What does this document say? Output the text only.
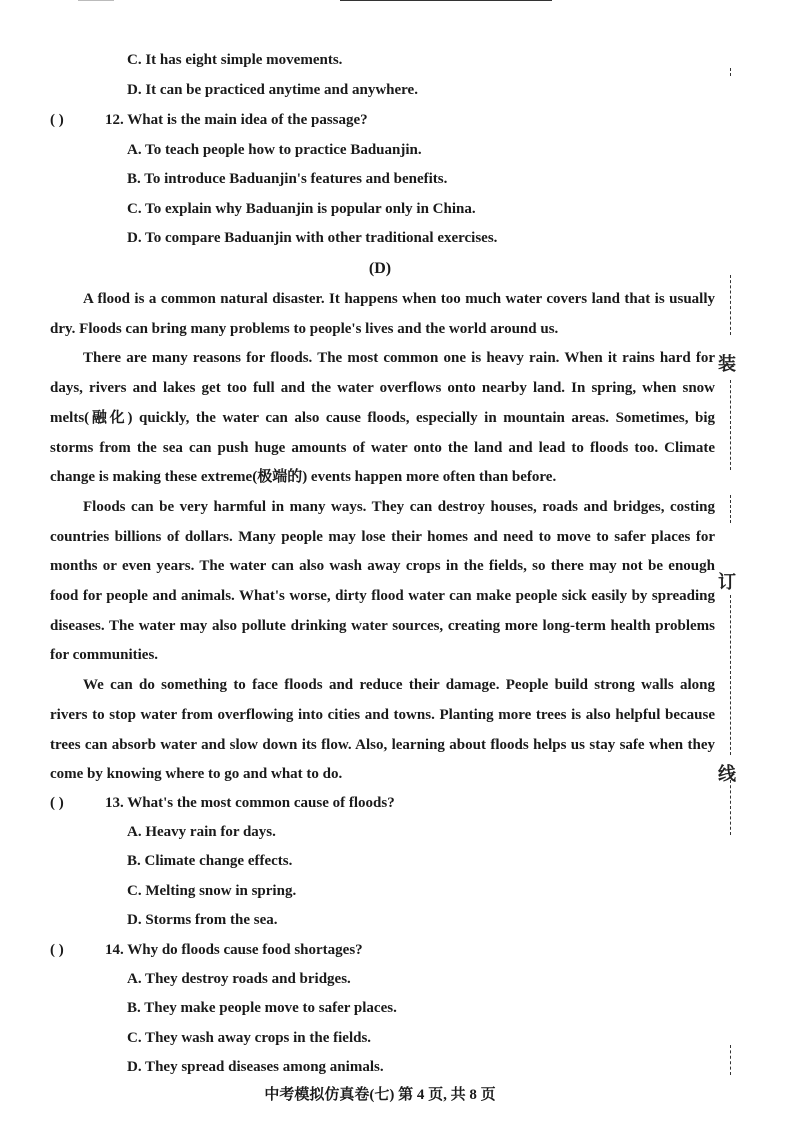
C. It has eight simple movements.
D. It can be practiced anytime and anywhere.
( )	12. What is the main idea of the passage?
A. To teach people how to practice Baduanjin.
B. To introduce Baduanjin's features and benefits.
C. To explain why Baduanjin is popular only in China.
D. To compare Baduanjin with other traditional exercises.
(D)

A flood is a common natural disaster. It happens when too much water covers land that is usually dry. Floods can bring many problems to people's lives and the world around us.

There are many reasons for floods. The most common one is heavy rain. When it rains hard for days, rivers and lakes get too full and the water overflows onto nearby land. In spring, when snow melts(融化) quickly, the water can also cause floods, especially in mountain areas. Sometimes, big storms from the sea can push huge amounts of water onto the land and lead to floods too. Climate change is making these extreme(极端的) events happen more often than before.

Floods can be very harmful in many ways. They can destroy houses, roads and bridges, costing countries billions of dollars. Many people may lose their homes and need to move to safer places for months or even years. The water can also wash away crops in the fields, so there may not be enough food for people and animals. What's worse, dirty flood water can make people sick easily by spreading diseases. The water may also pollute drinking water sources, creating more long-term health problems for communities.

We can do something to face floods and reduce their damage. People build strong walls along rivers to stop water from overflowing into cities and towns. Planting more trees is also helpful because trees can absorb water and slow down its flow. Also, learning about floods helps us stay safe when they come by knowing where to go and what to do.

( )	13. What's the most common cause of floods?
A. Heavy rain for days.
B. Climate change effects.
C. Melting snow in spring.
D. Storms from the sea.
( )	14. Why do floods cause food shortages?
A. They destroy roads and bridges.
B. They make people move to safer places.
C. They wash away crops in the fields.
D. They spread diseases among animals.
中考模拟仿真卷(七) 第 4 页, 共 8 页
装
订
线
